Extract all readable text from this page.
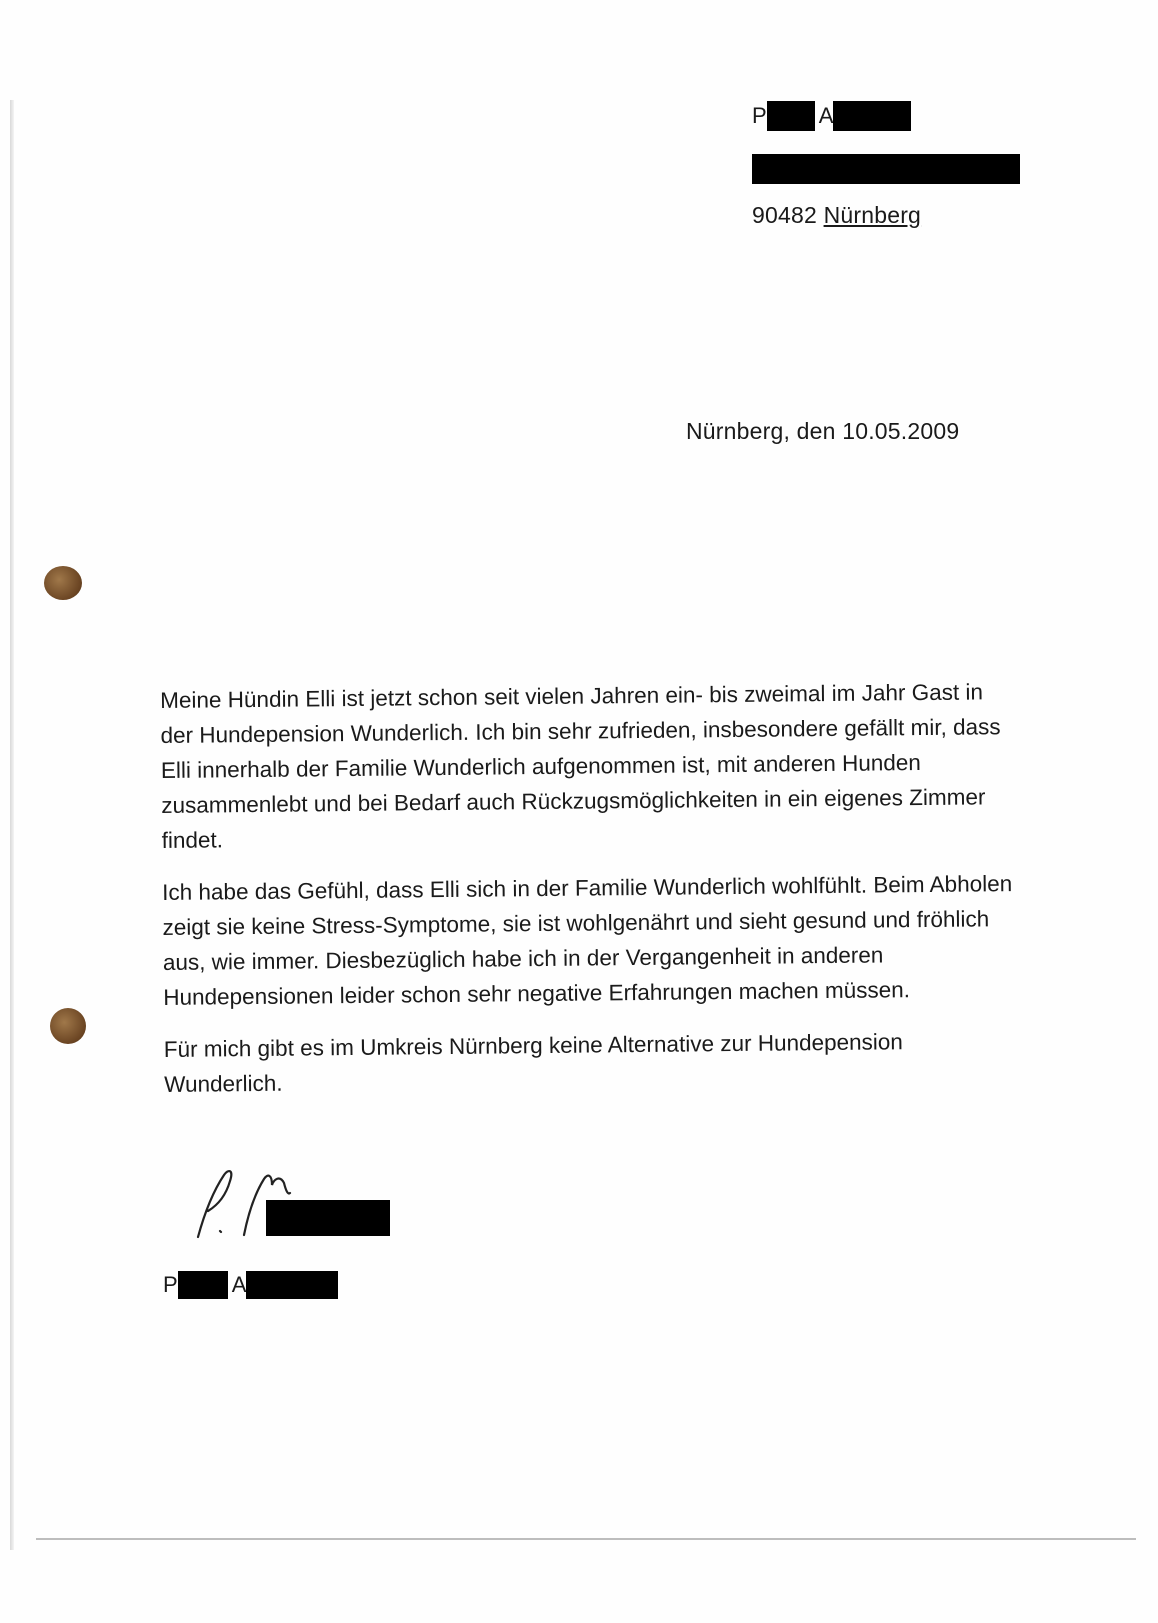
P A
90482 Nürnberg
Nürnberg, den 10.05.2009

Meine Hündin Elli ist jetzt schon seit vielen Jahren ein- bis zweimal im Jahr Gast in der Hundepension Wunderlich. Ich bin sehr zufrieden, insbesondere gefällt mir, dass Elli innerhalb der Familie Wunderlich aufgenommen ist, mit anderen Hunden zusammenlebt und bei Bedarf auch Rückzugsmöglichkeiten in ein eigenes Zimmer findet.

Ich habe das Gefühl, dass Elli sich in der Familie Wunderlich wohlfühlt. Beim Abholen zeigt sie keine Stress-Symptome, sie ist wohlgenährt und sieht gesund und fröhlich aus, wie immer. Diesbezüglich habe ich in der Vergangenheit in anderen Hundepensionen leider schon sehr negative Erfahrungen machen müssen.

Für mich gibt es im Umkreis Nürnberg keine Alternative zur Hundepension Wunderlich.

P A
